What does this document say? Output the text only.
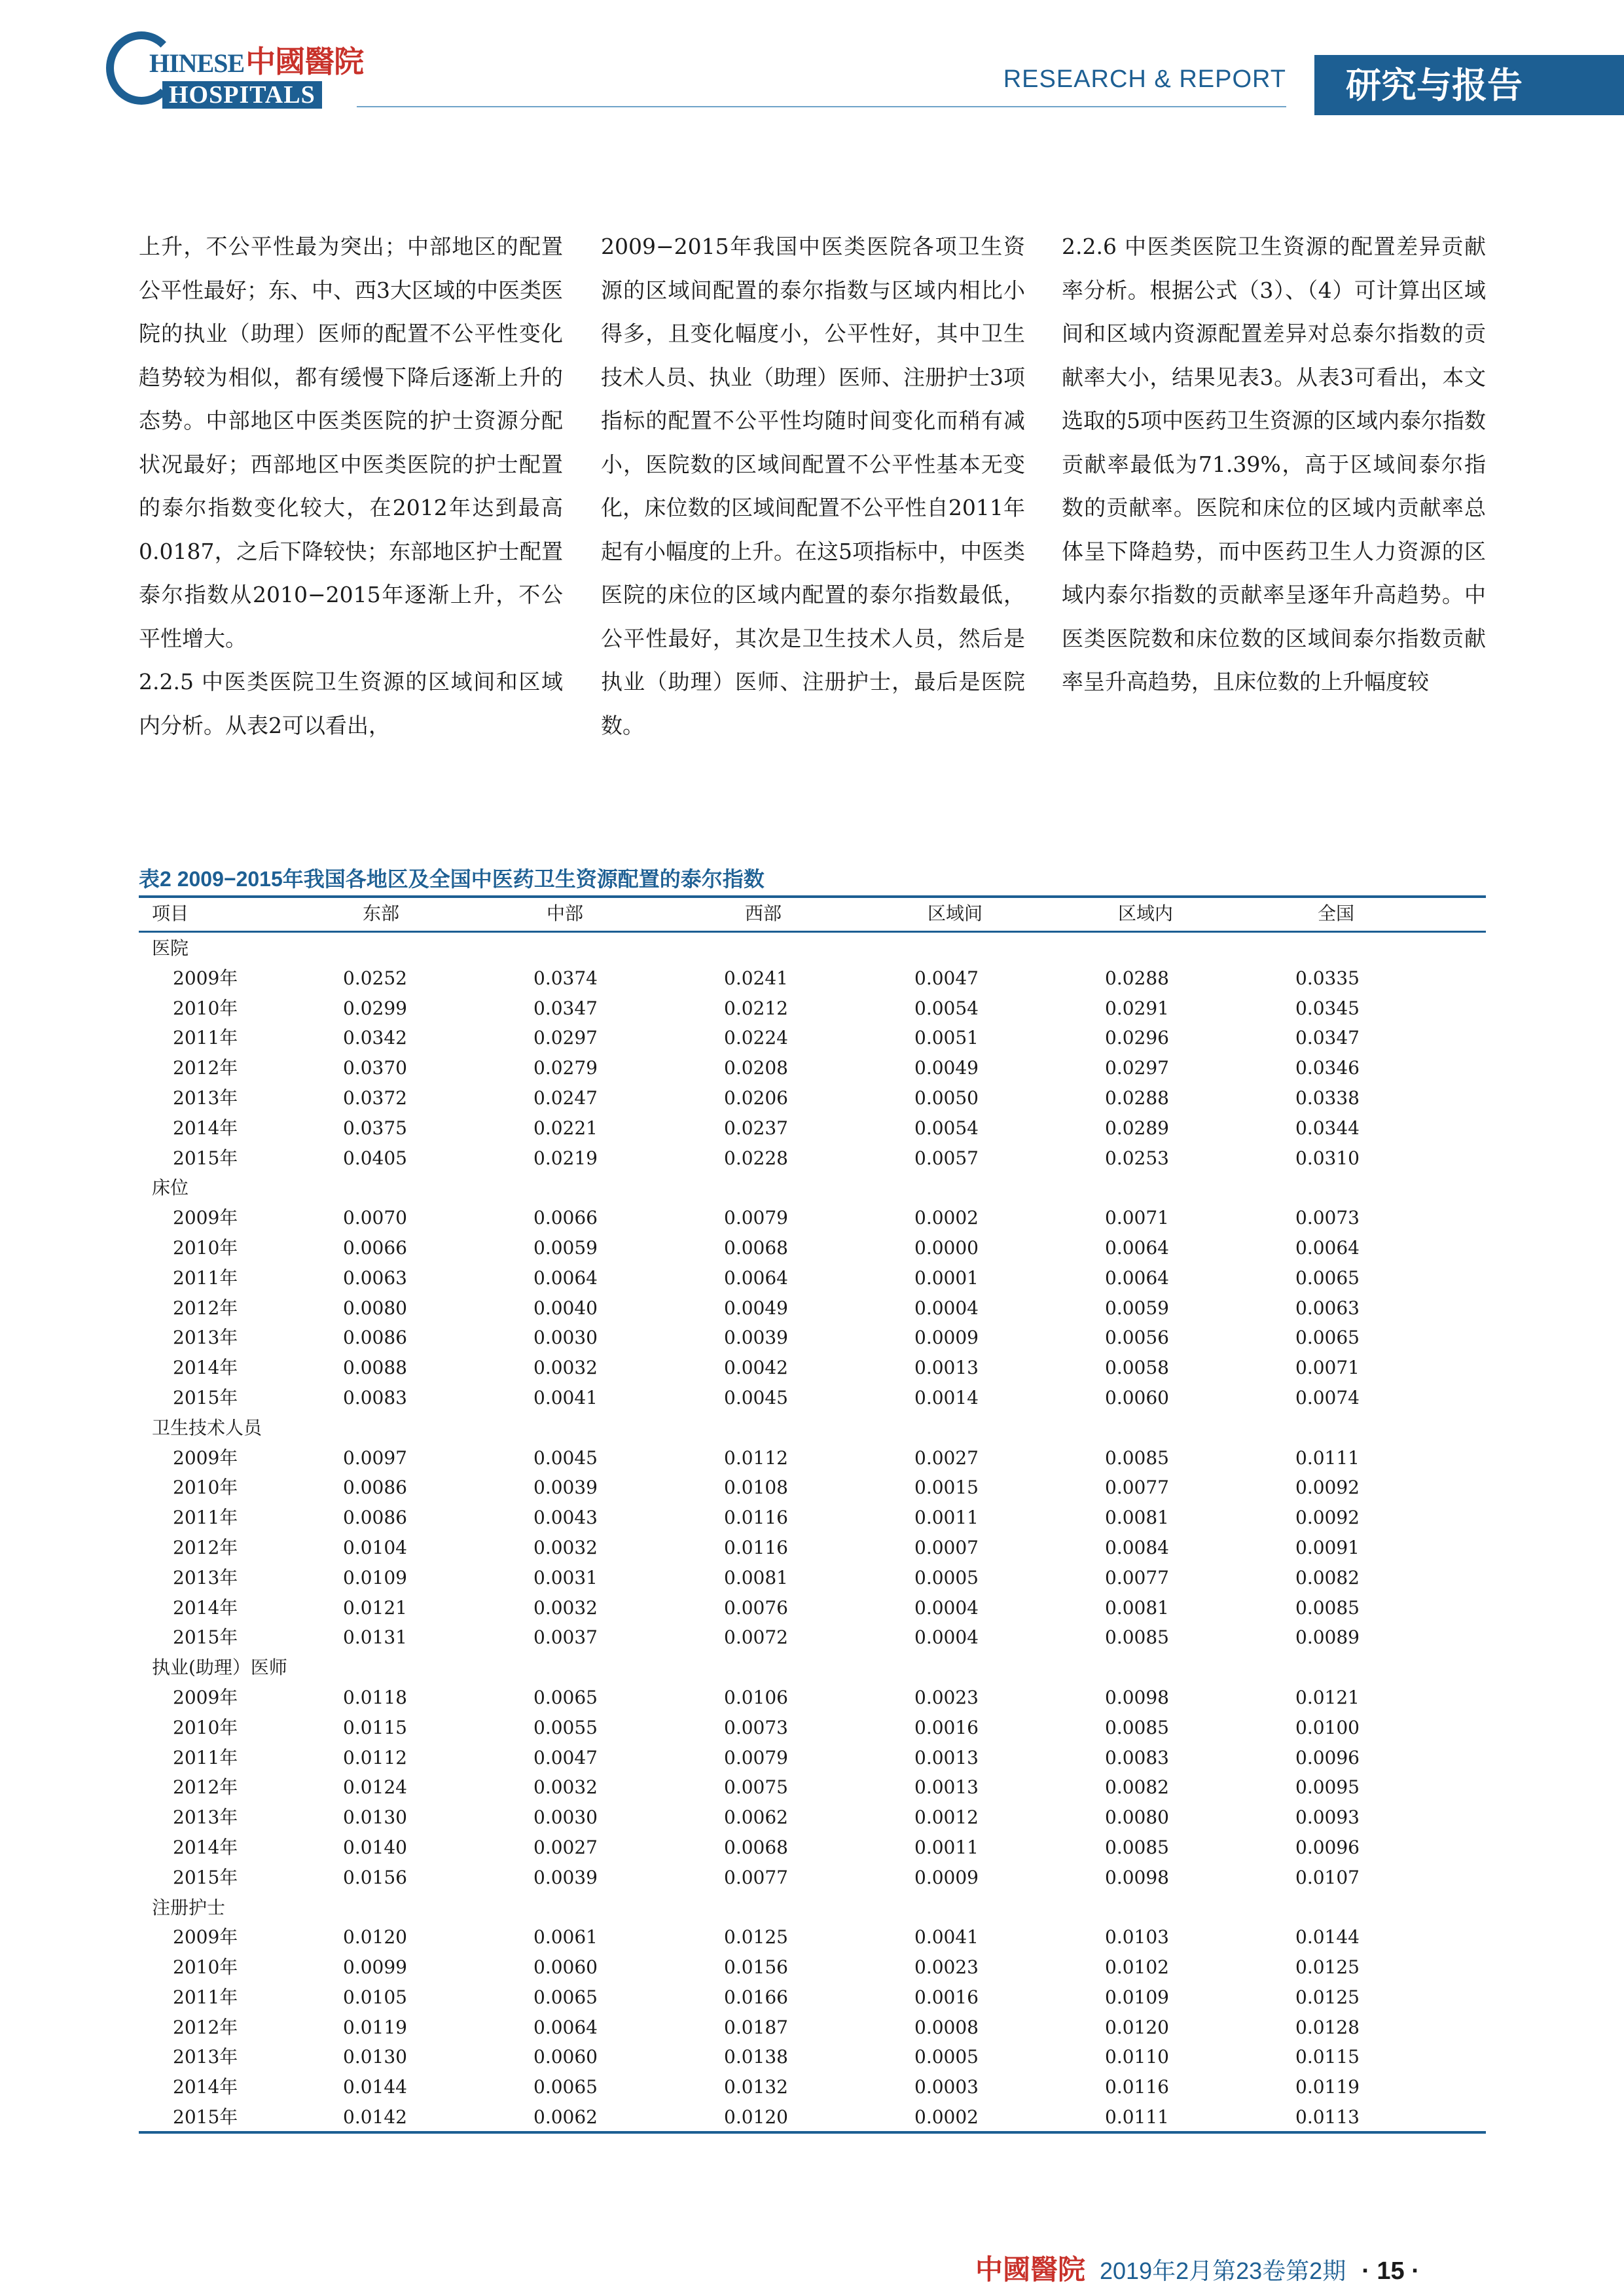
HINESE中國醫院
HOSPITALS
RESEARCH & REPORT 研究与报告

上升，不公平性最为突出；中部地区的配置公平性最好；东、中、西3大区域的中医类医院的执业（助理）医师的配置不公平性变化趋势较为相似，都有缓慢下降后逐渐上升的态势。中部地区中医类医院的护士资源分配状况最好；西部地区中医类医院的护士配置的泰尔指数变化较大，在2012年达到最高0.0187，之后下降较快；东部地区护士配置泰尔指数从2010−2015年逐渐上升，不公平性增大。

2.2.5 中医类医院卫生资源的区域间和区域内分析。从表2可以看出，

2009−2015年我国中医类医院各项卫生资源的区域间配置的泰尔指数与区域内相比小得多，且变化幅度小，公平性好，其中卫生技术人员、执业（助理）医师、注册护士3项指标的配置不公平性均随时间变化而稍有减小，医院数的区域间配置不公平性基本无变化，床位数的区域间配置不公平性自2011年起有小幅度的上升。在这5项指标中，中医类医院的床位的区域内配置的泰尔指数最低，公平性最好，其次是卫生技术人员，然后是执业（助理）医师、注册护士，最后是医院数。

2.2.6 中医类医院卫生资源的配置差异贡献率分析。根据公式（3）、（4）可计算出区域间和区域内资源配置差异对总泰尔指数的贡献率大小，结果见表3。从表3可看出，本文选取的5项中医药卫生资源的区域内泰尔指数贡献率最低为71.39%，高于区域间泰尔指数的贡献率。医院和床位的区域内贡献率总体呈下降趋势，而中医药卫生人力资源的区域内泰尔指数的贡献率呈逐年升高趋势。中医类医院数和床位数的区域间泰尔指数贡献率呈升高趋势，且床位数的上升幅度较

表2 2009−2015年我国各地区及全国中医药卫生资源配置的泰尔指数
项目	东部	中部	西部	区域间	区域内	全国
医院						
2009年	0.0252	0.0374	0.0241	0.0047	0.0288	0.0335
2010年	0.0299	0.0347	0.0212	0.0054	0.0291	0.0345
2011年	0.0342	0.0297	0.0224	0.0051	0.0296	0.0347
2012年	0.0370	0.0279	0.0208	0.0049	0.0297	0.0346
2013年	0.0372	0.0247	0.0206	0.0050	0.0288	0.0338
2014年	0.0375	0.0221	0.0237	0.0054	0.0289	0.0344
2015年	0.0405	0.0219	0.0228	0.0057	0.0253	0.0310
床位						
2009年	0.0070	0.0066	0.0079	0.0002	0.0071	0.0073
2010年	0.0066	0.0059	0.0068	0.0000	0.0064	0.0064
2011年	0.0063	0.0064	0.0064	0.0001	0.0064	0.0065
2012年	0.0080	0.0040	0.0049	0.0004	0.0059	0.0063
2013年	0.0086	0.0030	0.0039	0.0009	0.0056	0.0065
2014年	0.0088	0.0032	0.0042	0.0013	0.0058	0.0071
2015年	0.0083	0.0041	0.0045	0.0014	0.0060	0.0074
卫生技术人员						
2009年	0.0097	0.0045	0.0112	0.0027	0.0085	0.0111
2010年	0.0086	0.0039	0.0108	0.0015	0.0077	0.0092
2011年	0.0086	0.0043	0.0116	0.0011	0.0081	0.0092
2012年	0.0104	0.0032	0.0116	0.0007	0.0084	0.0091
2013年	0.0109	0.0031	0.0081	0.0005	0.0077	0.0082
2014年	0.0121	0.0032	0.0076	0.0004	0.0081	0.0085
2015年	0.0131	0.0037	0.0072	0.0004	0.0085	0.0089
执业(助理）医师						
2009年	0.0118	0.0065	0.0106	0.0023	0.0098	0.0121
2010年	0.0115	0.0055	0.0073	0.0016	0.0085	0.0100
2011年	0.0112	0.0047	0.0079	0.0013	0.0083	0.0096
2012年	0.0124	0.0032	0.0075	0.0013	0.0082	0.0095
2013年	0.0130	0.0030	0.0062	0.0012	0.0080	0.0093
2014年	0.0140	0.0027	0.0068	0.0011	0.0085	0.0096
2015年	0.0156	0.0039	0.0077	0.0009	0.0098	0.0107
注册护士						
2009年	0.0120	0.0061	0.0125	0.0041	0.0103	0.0144
2010年	0.0099	0.0060	0.0156	0.0023	0.0102	0.0125
2011年	0.0105	0.0065	0.0166	0.0016	0.0109	0.0125
2012年	0.0119	0.0064	0.0187	0.0008	0.0120	0.0128
2013年	0.0130	0.0060	0.0138	0.0005	0.0110	0.0115
2014年	0.0144	0.0065	0.0132	0.0003	0.0116	0.0119
2015年	0.0142	0.0062	0.0120	0.0002	0.0111	0.0113
中國醫院 2019年2月第23卷第2期 · 15 ·
